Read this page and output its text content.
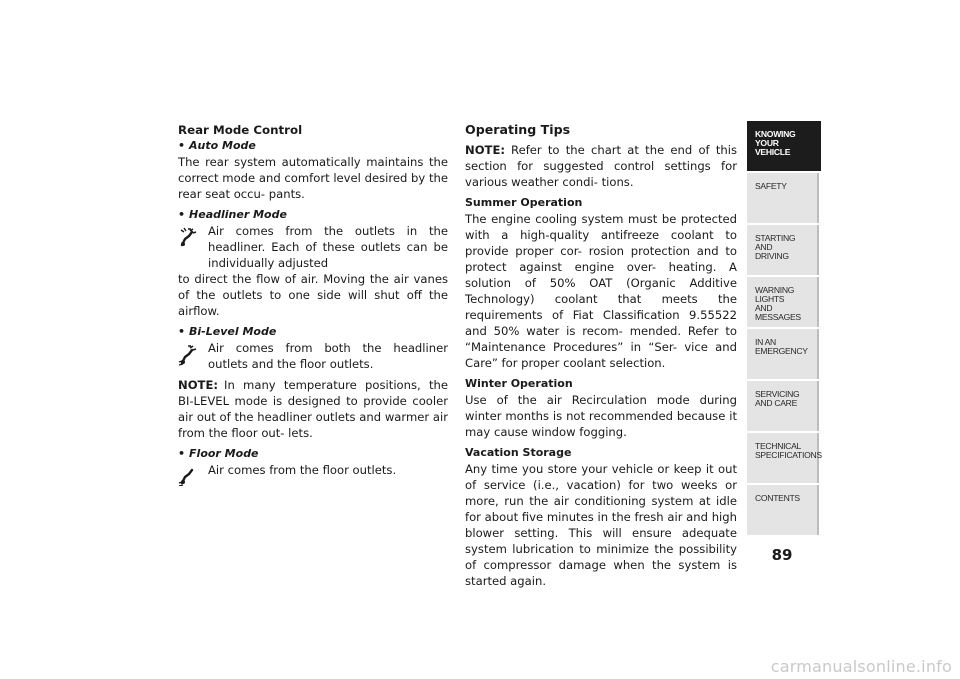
Rear Mode Control

• Auto Mode

The rear system automatically maintains the correct mode and comfort level desired by the rear seat occu- pants.

• Headliner Mode

Air comes from the outlets in the headliner. Each of these outlets can be individually adjusted

to direct the flow of air. Moving the air vanes of the outlets to one side will shut off the airflow.

• Bi-Level Mode

Air comes from both the headliner outlets and the floor outlets.

NOTE: In many temperature positions, the BI-LEVEL mode is designed to provide cooler air out of the headliner outlets and warmer air from the floor out- lets.

• Floor Mode

Air comes from the floor outlets.

Operating Tips

NOTE: Refer to the chart at the end of this section for suggested control settings for various weather condi- tions.

Summer Operation

The engine cooling system must be protected with a high-quality antifreeze coolant to provide proper cor- rosion protection and to protect against engine over- heating. A solution of 50% OAT (Organic Additive Technology) coolant that meets the requirements of Fiat Classification 9.55522 and 50% water is recom- mended. Refer to “Maintenance Procedures” in “Ser- vice and Care” for proper coolant selection.

Winter Operation

Use of the air Recirculation mode during winter months is not recommended because it may cause window fogging.

Vacation Storage

Any time you store your vehicle or keep it out of service (i.e., vacation) for two weeks or more, run the air conditioning system at idle for about five minutes in the fresh air and high blower setting. This will ensure adequate system lubrication to minimize the possibility of compressor damage when the system is started again.

KNOWING
YOUR
VEHICLE
SAFETY
STARTING
AND
DRIVING
WARNING
LIGHTS
AND
MESSAGES
IN AN
EMERGENCY
SERVICING
AND CARE
TECHNICAL
SPECIFICATIONS
CONTENTS
89
carmanualsonline.info
